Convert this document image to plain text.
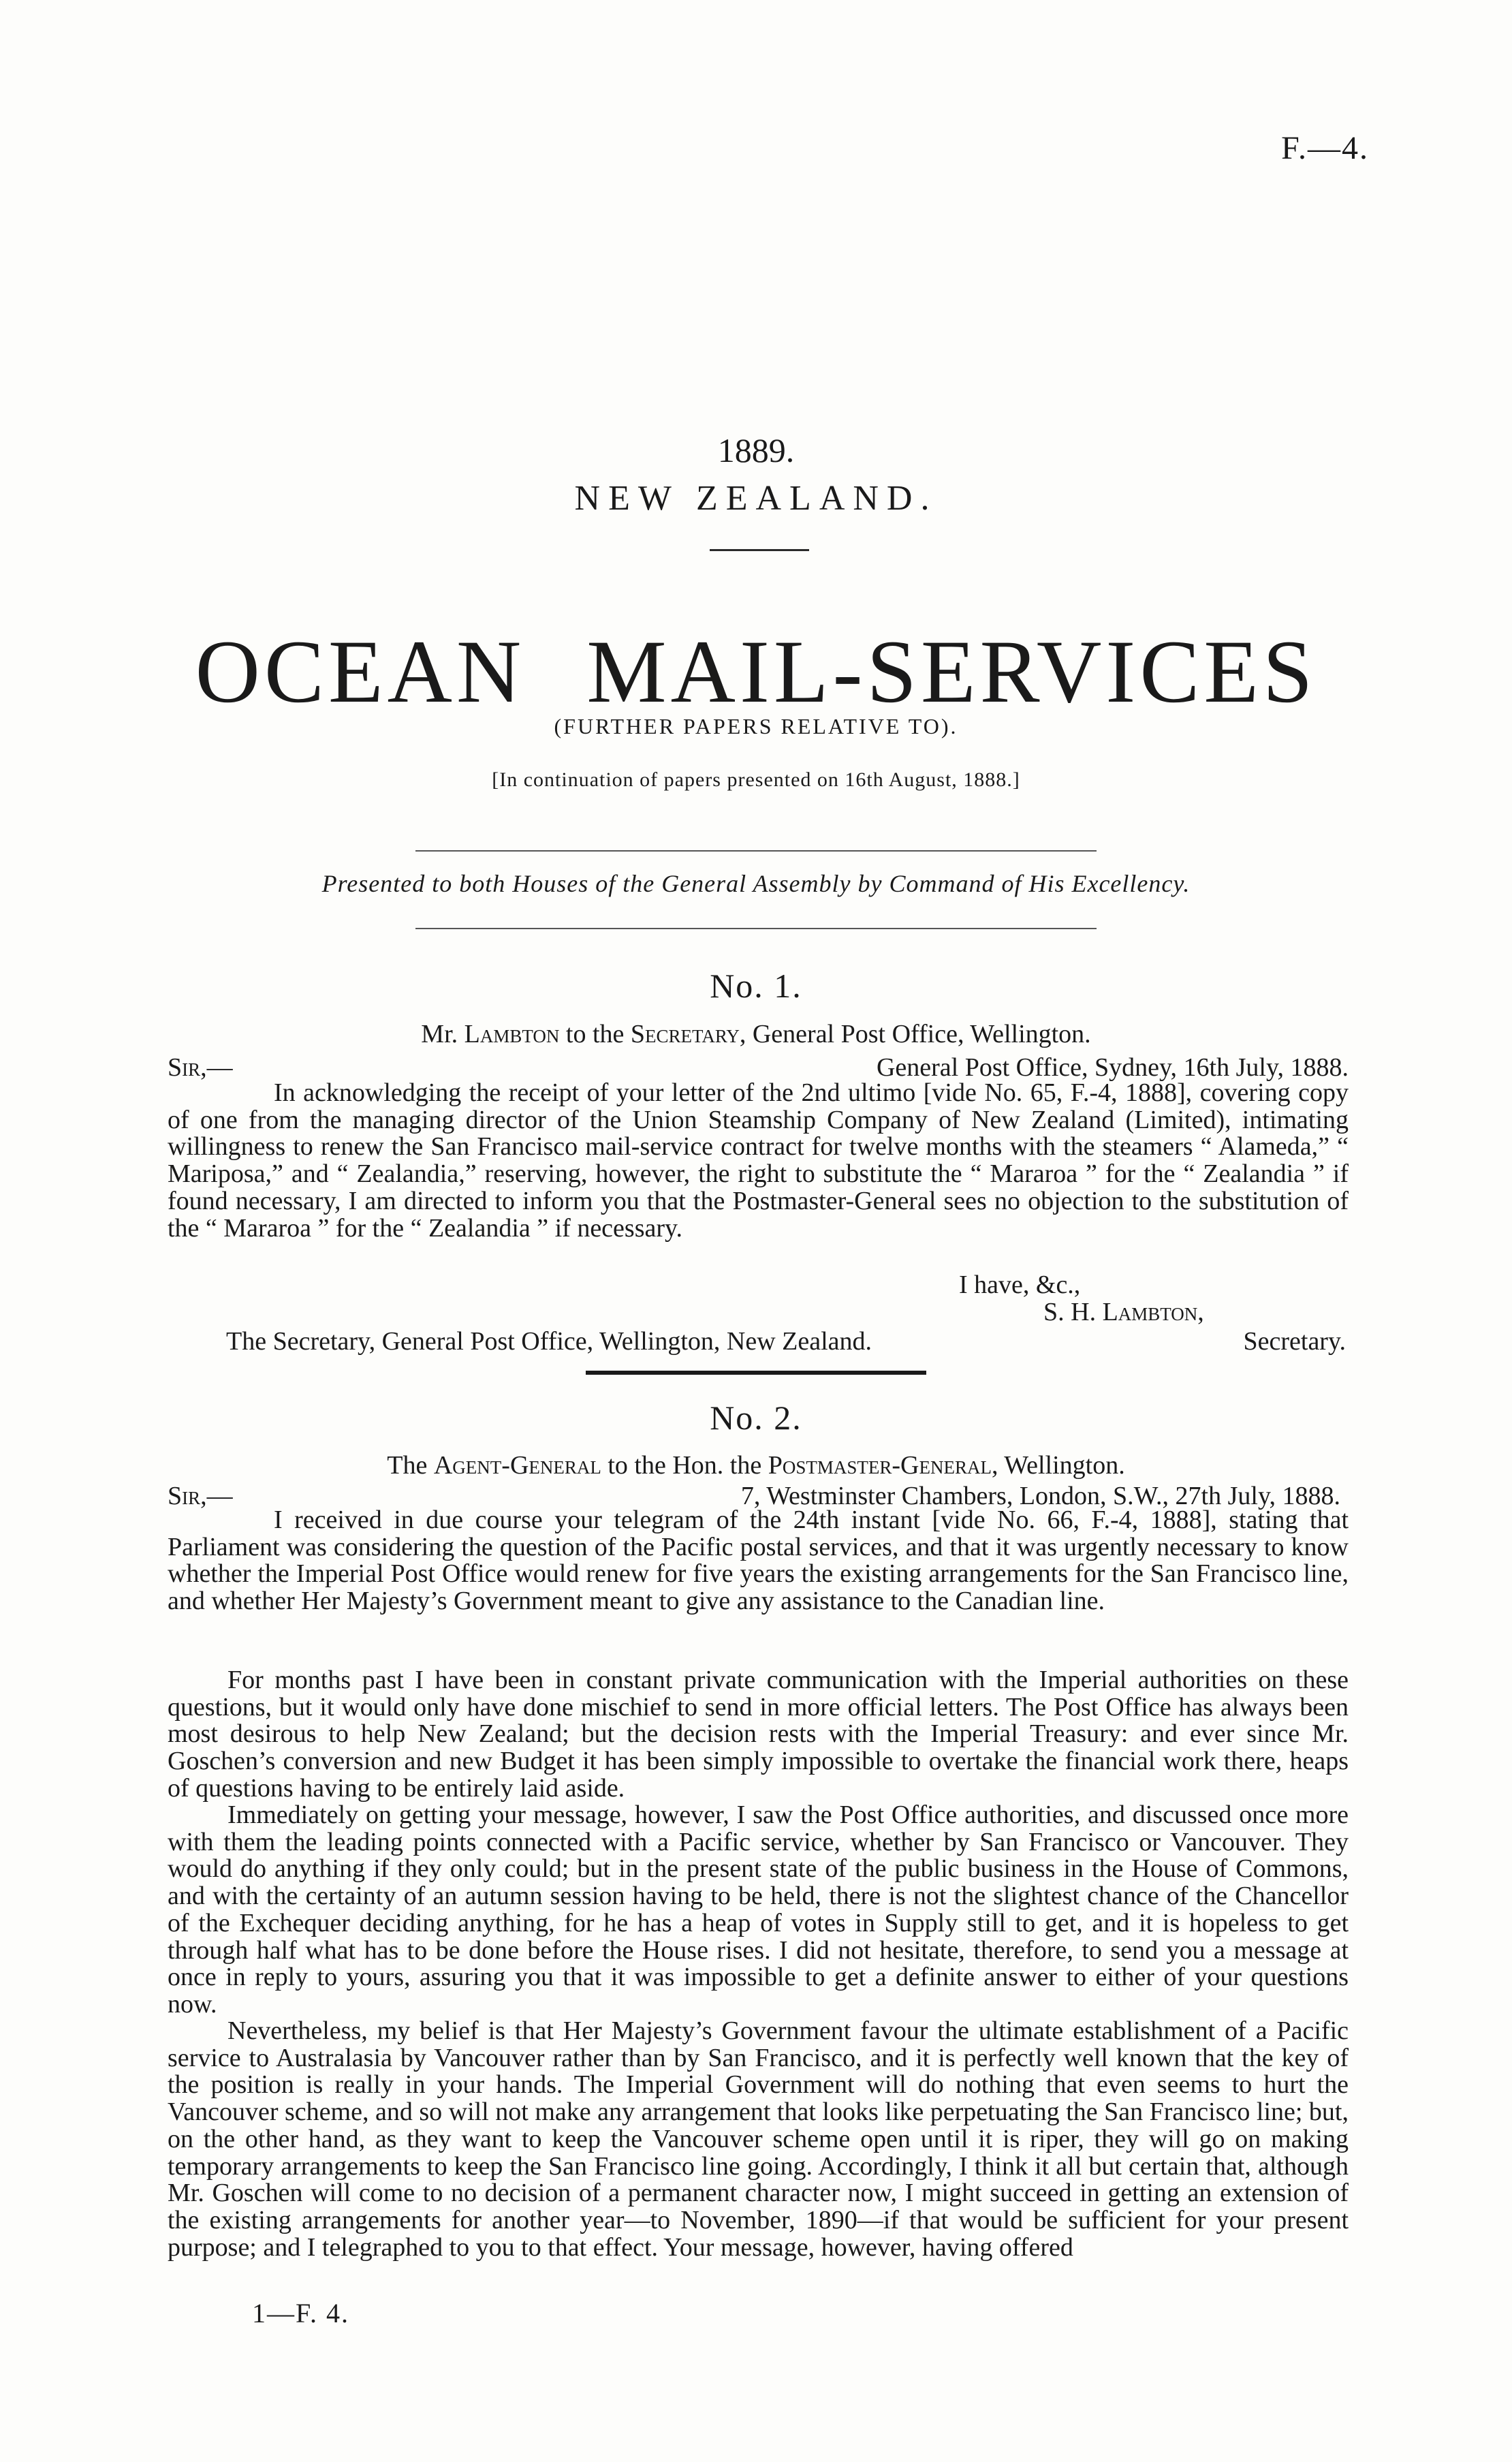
F.—4.
1889.
NEW ZEALAND.
OCEAN MAIL-SERVICES
(FURTHER PAPERS RELATIVE TO).
[In continuation of papers presented on 16th August, 1888.]
Presented to both Houses of the General Assembly by Command of His Excellency.
No. 1.
Mr. Lambton to the Secretary, General Post Office, Wellington.
Sir,—	General Post Office, Sydney, 16th July, 1888.
In acknowledging the receipt of your letter of the 2nd ultimo [vide No. 65, F.-4, 1888], covering copy of one from the managing director of the Union Steamship Company of New Zealand (Limited), intimating willingness to renew the San Francisco mail-service contract for twelve months with the steamers “ Alameda,” “ Mariposa,” and “ Zealandia,” reserving, however, the right to substitute the “ Mararoa ” for the “ Zealandia ” if found necessary, I am directed to inform you that the Postmaster-General sees no objection to the substitution of the “ Mararoa ” for the “ Zealandia ” if necessary.
I have, &c.,
S. H. Lambton,
The Secretary, General Post Office, Wellington, New Zealand.	Secretary.
No. 2.
The Agent-General to the Hon. the Postmaster-General, Wellington.
Sir,—	7, Westminster Chambers, London, S.W., 27th July, 1888.
I received in due course your telegram of the 24th instant [vide No. 66, F.-4, 1888], stating that Parliament was considering the question of the Pacific postal services, and that it was urgently necessary to know whether the Imperial Post Office would renew for five years the existing arrangements for the San Francisco line, and whether Her Majesty’s Government meant to give any assistance to the Canadian line.
For months past I have been in constant private communication with the Imperial authorities on these questions, but it would only have done mischief to send in more official letters. The Post Office has always been most desirous to help New Zealand; but the decision rests with the Imperial Treasury: and ever since Mr. Goschen’s conversion and new Budget it has been simply impossible to overtake the financial work there, heaps of questions having to be entirely laid aside.
Immediately on getting your message, however, I saw the Post Office authorities, and discussed once more with them the leading points connected with a Pacific service, whether by San Francisco or Vancouver. They would do anything if they only could; but in the present state of the public business in the House of Commons, and with the certainty of an autumn session having to be held, there is not the slightest chance of the Chancellor of the Exchequer deciding anything, for he has a heap of votes in Supply still to get, and it is hopeless to get through half what has to be done before the House rises. I did not hesitate, therefore, to send you a message at once in reply to yours, assuring you that it was impossible to get a definite answer to either of your questions now.
Nevertheless, my belief is that Her Majesty’s Government favour the ultimate establishment of a Pacific service to Australasia by Vancouver rather than by San Francisco, and it is perfectly well known that the key of the position is really in your hands. The Imperial Government will do nothing that even seems to hurt the Vancouver scheme, and so will not make any arrangement that looks like perpetuating the San Francisco line; but, on the other hand, as they want to keep the Vancouver scheme open until it is riper, they will go on making temporary arrangements to keep the San Francisco line going. Accordingly, I think it all but certain that, although Mr. Goschen will come to no decision of a permanent character now, I might succeed in getting an extension of the existing arrangements for another year—to November, 1890—if that would be sufficient for your present purpose; and I telegraphed to you to that effect. Your message, however, having offered
1—F. 4.
